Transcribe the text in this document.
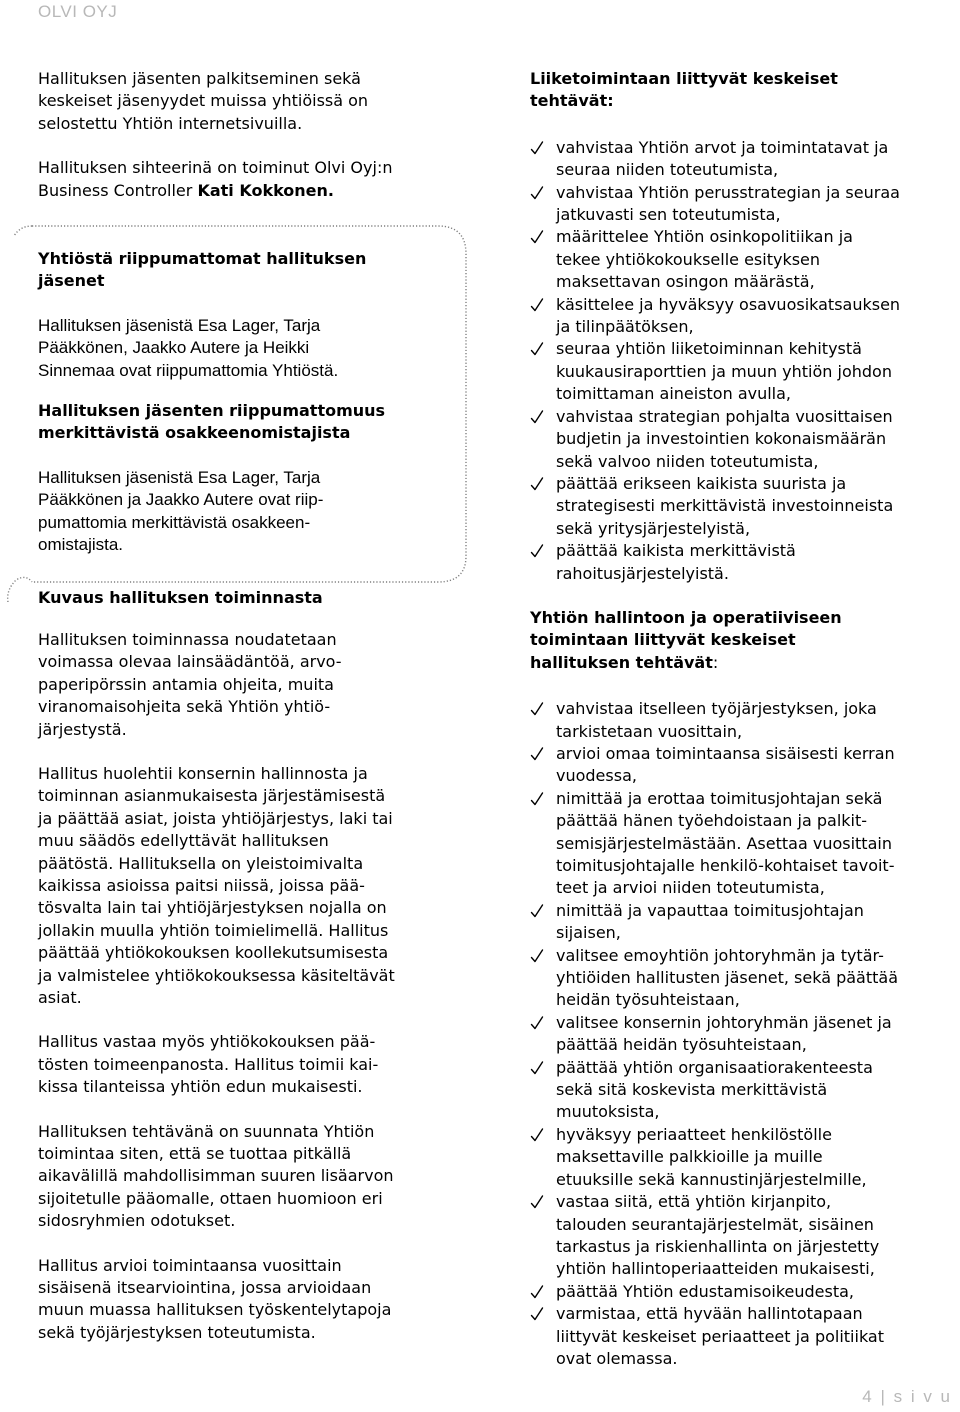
OLVI OYJ

Hallituksen jäsenten palkitseminen sekä
keskeiset jäsenyydet muissa yhtiöissä on
selostettu Yhtiön internetsivuilla.

Hallituksen sihteerinä on toiminut Olvi Oyj:n
Business Controller Kati Kokkonen.

Yhtiöstä riippumattomat hallituksen
jäsenet

Hallituksen jäsenistä Esa Lager, Tarja
Pääkkönen, Jaakko Autere ja Heikki
Sinnemaa ovat riippumattomia Yhtiöstä.

Hallituksen jäsenten riippumattomuus
merkittävistä osakkeenomistajista

Hallituksen jäsenistä Esa Lager, Tarja
Pääkkönen ja Jaakko Autere ovat riip-
pumattomia merkittävistä osakkeen-
omistajista.

Kuvaus hallituksen toiminnasta

Hallituksen toiminnassa noudatetaan
voimassa olevaa lainsäädäntöä, arvo-
paperipörssin antamia ohjeita, muita
viranomaisohjeita sekä Yhtiön yhtiö-
järjestystä.

Hallitus huolehtii konsernin hallinnosta ja
toiminnan asianmukaisesta järjestämisestä
ja päättää asiat, joista yhtiöjärjestys, laki tai
muu säädös edellyttävät hallituksen
päätöstä. Hallituksella on yleistoimivalta
kaikissa asioissa paitsi niissä, joissa pää-
tösvalta lain tai yhtiöjärjestyksen nojalla on
jollakin muulla yhtiön toimielimellä. Hallitus
päättää yhtiökokouksen koollekutsumisesta
ja valmistelee yhtiökokouksessa käsiteltävät
asiat.

Hallitus vastaa myös yhtiökokouksen pää-
tösten toimeenpanosta. Hallitus toimii kai-
kissa tilanteissa yhtiön edun mukaisesti.

Hallituksen tehtävänä on suunnata Yhtiön
toimintaa siten, että se tuottaa pitkällä
aikavälillä mahdollisimman suuren lisäarvon
sijoitetulle pääomalle, ottaen huomioon eri
sidosryhmien odotukset.

Hallitus arvioi toimintaansa vuosittain
sisäisenä itsearviointina, jossa arvioidaan
muun muassa hallituksen työskentelytapoja
sekä työjärjestyksen toteutumista.

Liiketoimintaan liittyvät keskeiset
tehtävät:
vahvistaa Yhtiön arvot ja toimintatavat ja
seuraa niiden toteutumista,
vahvistaa Yhtiön perusstrategian ja seuraa
jatkuvasti sen toteutumista,
määrittelee Yhtiön osinkopolitiikan ja
tekee yhtiökokoukselle esityksen
maksettavan osingon määrästä,
käsittelee ja hyväksyy osavuosikatsauksen
ja tilinpäätöksen,
seuraa yhtiön liiketoiminnan kehitystä
kuukausiraporttien ja muun yhtiön johdon
toimittaman aineiston avulla,
vahvistaa strategian pohjalta vuosittaisen
budjetin ja investointien kokonaismäärän
sekä valvoo niiden toteutumista,
päättää erikseen kaikista suurista ja
strategisesti merkittävistä investoinneista
sekä yritysjärjestelyistä,
päättää kaikista merkittävistä
rahoitusjärjestelyistä.
Yhtiön hallintoon ja operatiiviseen
toimintaan liittyvät keskeiset
hallituksen tehtävät:
vahvistaa itselleen työjärjestyksen, joka
tarkistetaan vuosittain,
arvioi omaa toimintaansa sisäisesti kerran
vuodessa,
nimittää ja erottaa toimitusjohtajan sekä
päättää hänen työehdoistaan ja palkit-
semisjärjestelmästään. Asettaa vuosittain
toimitusjohtajalle henkilö-kohtaiset tavoit-
teet ja arvioi niiden toteutumista,
nimittää ja vapauttaa toimitusjohtajan
sijaisen,
valitsee emoyhtiön johtoryhmän ja tytär-
yhtiöiden hallitusten jäsenet, sekä päättää
heidän työsuhteistaan,
valitsee konsernin johtoryhmän jäsenet ja
päättää heidän työsuhteistaan,
päättää yhtiön organisaatiorakenteesta
sekä sitä koskevista merkittävistä
muutoksista,
hyväksyy periaatteet henkilöstölle
maksettaville palkkioille ja muille
etuuksille sekä kannustinjärjestelmille,
vastaa siitä, että yhtiön kirjanpito,
talouden seurantajärjestelmät, sisäinen
tarkastus ja riskienhallinta on järjestetty
yhtiön hallintoperiaatteiden mukaisesti,
päättää Yhtiön edustamisoikeudesta,
varmistaa, että hyvään hallintotapaan
liittyvät keskeiset periaatteet ja politiikat
ovat olemassa.
4 | s i v u
